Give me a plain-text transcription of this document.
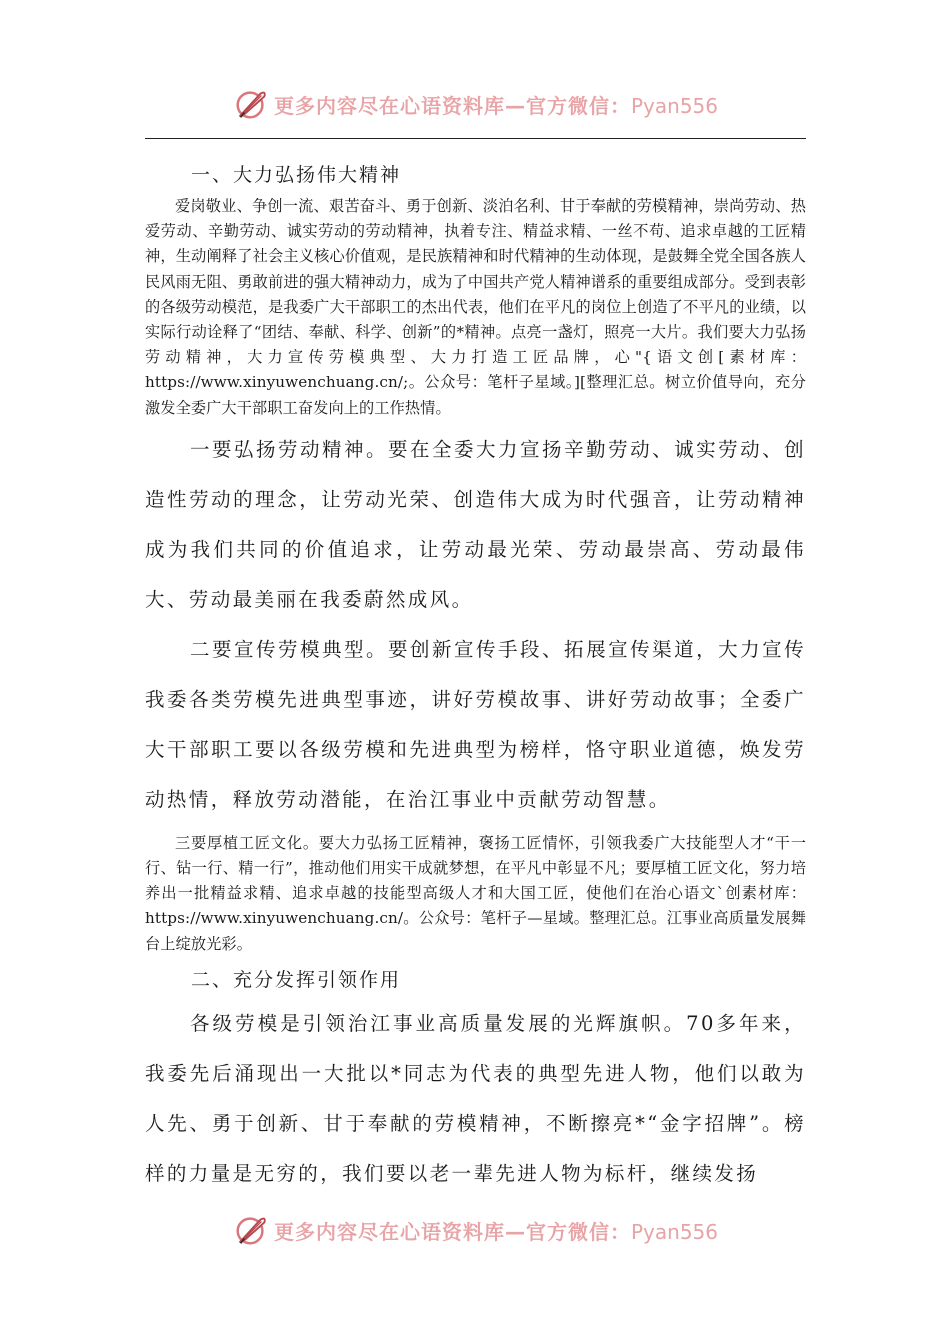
更多内容尽在心语资料库—官方微信：Pyan556
一、大力弘扬伟大精神

爱岗敬业、争创一流、艰苦奋斗、勇于创新、淡泊名利、甘于奉献的劳模精神，崇尚劳动、热爱劳动、辛勤劳动、诚实劳动的劳动精神，执着专注、精益求精、一丝不苟、追求卓越的工匠精神，生动阐释了社会主义核心价值观，是民族精神和时代精神的生动体现，是鼓舞全党全国各族人民风雨无阻、勇敢前进的强大精神动力，成为了中国共产党人精神谱系的重要组成部分。受到表彰的各级劳动模范，是我委广大干部职工的杰出代表，他们在平凡的岗位上创造了不平凡的业绩，以实际行动诠释了“团结、奉献、科学、创新”的*精神。点亮一盏灯，照亮一大片。我们要大力弘扬劳动精神，大力宣传劳模典型、大力打造工匠品牌，心"{语文创[素材库：https://www.xinyuwenchuang.cn/;。公众号：笔杆子星域。][整理汇总。树立价值导向，充分激发全委广大干部职工奋发向上的工作热情。

一要弘扬劳动精神。要在全委大力宣扬辛勤劳动、诚实劳动、创造性劳动的理念，让劳动光荣、创造伟大成为时代强音，让劳动精神成为我们共同的价值追求，让劳动最光荣、劳动最崇高、劳动最伟大、劳动最美丽在我委蔚然成风。

二要宣传劳模典型。要创新宣传手段、拓展宣传渠道，大力宣传我委各类劳模先进典型事迹，讲好劳模故事、讲好劳动故事；全委广大干部职工要以各级劳模和先进典型为榜样，恪守职业道德，焕发劳动热情，释放劳动潜能，在治江事业中贡献劳动智慧。

三要厚植工匠文化。要大力弘扬工匠精神，褒扬工匠情怀，引领我委广大技能型人才“干一行、钻一行、精一行”，推动他们用实干成就梦想，在平凡中彰显不凡；要厚植工匠文化，努力培养出一批精益求精、追求卓越的技能型高级人才和大国工匠，使他们在治心语文`创素材库：https://www.xinyuwenchuang.cn/。公众号：笔杆子—星域。整理汇总。江事业高质量发展舞台上绽放光彩。

二、充分发挥引领作用

各级劳模是引领治江事业高质量发展的光辉旗帜。70多年来，我委先后涌现出一大批以*同志为代表的典型先进人物，他们以敢为人先、勇于创新、甘于奉献的劳模精神，不断擦亮*“金字招牌”。榜样的力量是无穷的，我们要以老一辈先进人物为标杆，继续发扬

更多内容尽在心语资料库—官方微信：Pyan556
